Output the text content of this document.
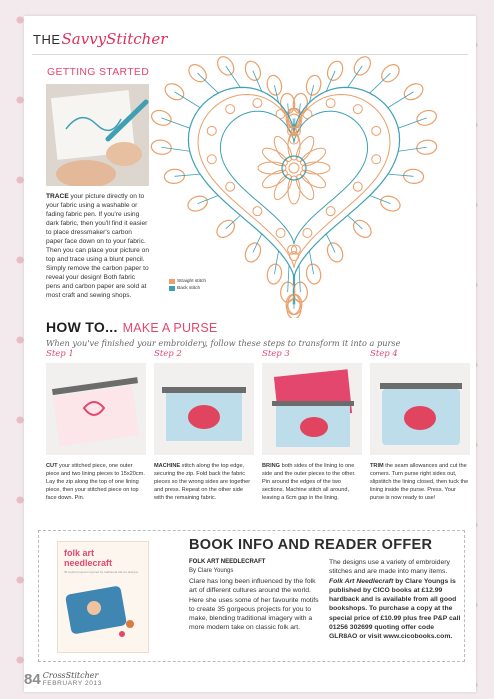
THE SavvyStitcher
GETTING STARTED
TRACE your picture directly on to your fabric using a washable or fading fabric pen. If you're using dark fabric, then you'll find it easier to place dressmaker's carbon paper face down on to your fabric. Then you can place your picture on top and trace using a blunt pencil. Simply remove the carbon paper to reveal your design! Both fabric pens and carbon paper are sold at most craft and sewing shops.
Straight stitch
Back stitch
HOW TO... MAKE A PURSE
When you've finished your embroidery, follow these steps to transform it into a purse
Step 1	Step 2	Step 3	Step 4
CUT your stitched piece, one outer piece and two lining pieces to 15x20cm. Lay the zip along the top of one lining piece, then your stitched piece on top face down. Pin.
MACHINE stitch along the top edge, securing the zip. Fold back the fabric pieces so the wrong sides are together and press. Repeat on the other side with the remaining fabric.
BRING both sides of the lining to one side and the outer pieces to the other. Pin around the edges of the two sections. Machine stitch all around, leaving a 6cm gap in the lining.
TRIM the seam allowances and cut the corners. Turn purse right sides out, slipstitch the lining closed, then tuck the lining inside the purse. Press. Your purse is now ready to use!
folk art
needlecraft
35 stylish projects inspired by traditional folk art designs
BOOK INFO AND READER OFFER
FOLK ART NEEDLECRAFT
By Clare Youngs
Clare has long been influenced by the folk art of different cultures around the world. Here she uses some of her favourite motifs to create 35 gorgeous projects for you to make, blending traditional imagery with a more modern take on classic folk art.
The designs use a variety of embroidery stitches and are made into many items. Folk Art Needlecraft by Clare Youngs is published by CICO books at £12.99 hardback and is available from all good bookshops. To purchase a copy at the special price of £10.99 plus free P&P call 01256 302699 quoting offer code GLR8AO or visit www.cicobooks.com.
84 CrossStitcher
FEBRUARY 2013
